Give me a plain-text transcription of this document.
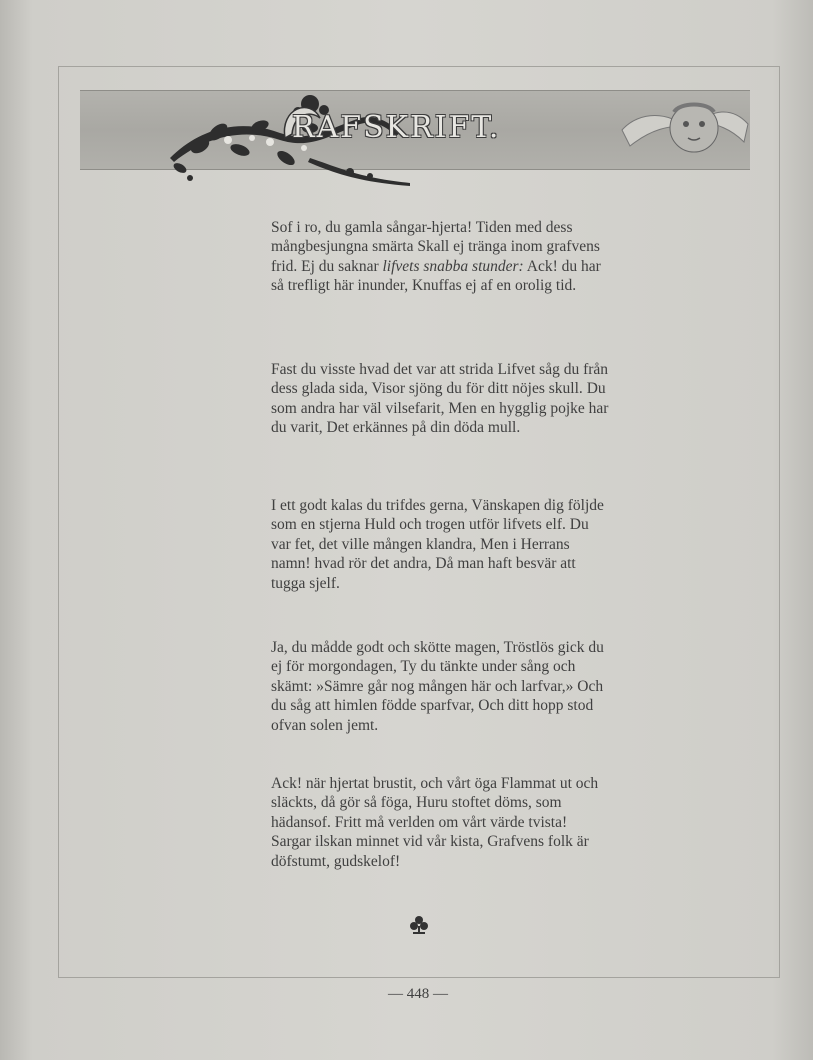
RAFSKRIFT.
Sof i ro, du gamla sångar-hjerta! Tiden med dess mångbesjungna smärta Skall ej tränga inom grafvens frid. Ej du saknar lifvets snabba stunder: Ack! du har så trefligt här inunder, Knuffas ej af en orolig tid.
Fast du visste hvad det var att strida Lifvet såg du från dess glada sida, Visor sjöng du för ditt nöjes skull. Du som andra har väl vilsefarit, Men en hygglig pojke har du varit, Det erkännes på din döda mull.
I ett godt kalas du trifdes gerna, Vänskapen dig följde som en stjerna Huld och trogen utför lifvets elf. Du var fet, det ville mången klandra, Men i Herrans namn! hvad rör det andra, Då man haft besvär att tugga sjelf.
Ja, du mådde godt och skötte magen, Tröstlös gick du ej för morgondagen, Ty du tänkte under sång och skämt: »Sämre går nog mången här och larfvar,» Och du såg att himlen födde sparfvar, Och ditt hopp stod ofvan solen jemt.
Ack! när hjertat brustit, och vårt öga Flammat ut och släckts, då gör så föga, Huru stoftet döms, som hädansof. Fritt må verlden om vårt värde tvista! Sargar ilskan minnet vid vår kista, Grafvens folk är döfstumt, gudskelof!
— 448 —
